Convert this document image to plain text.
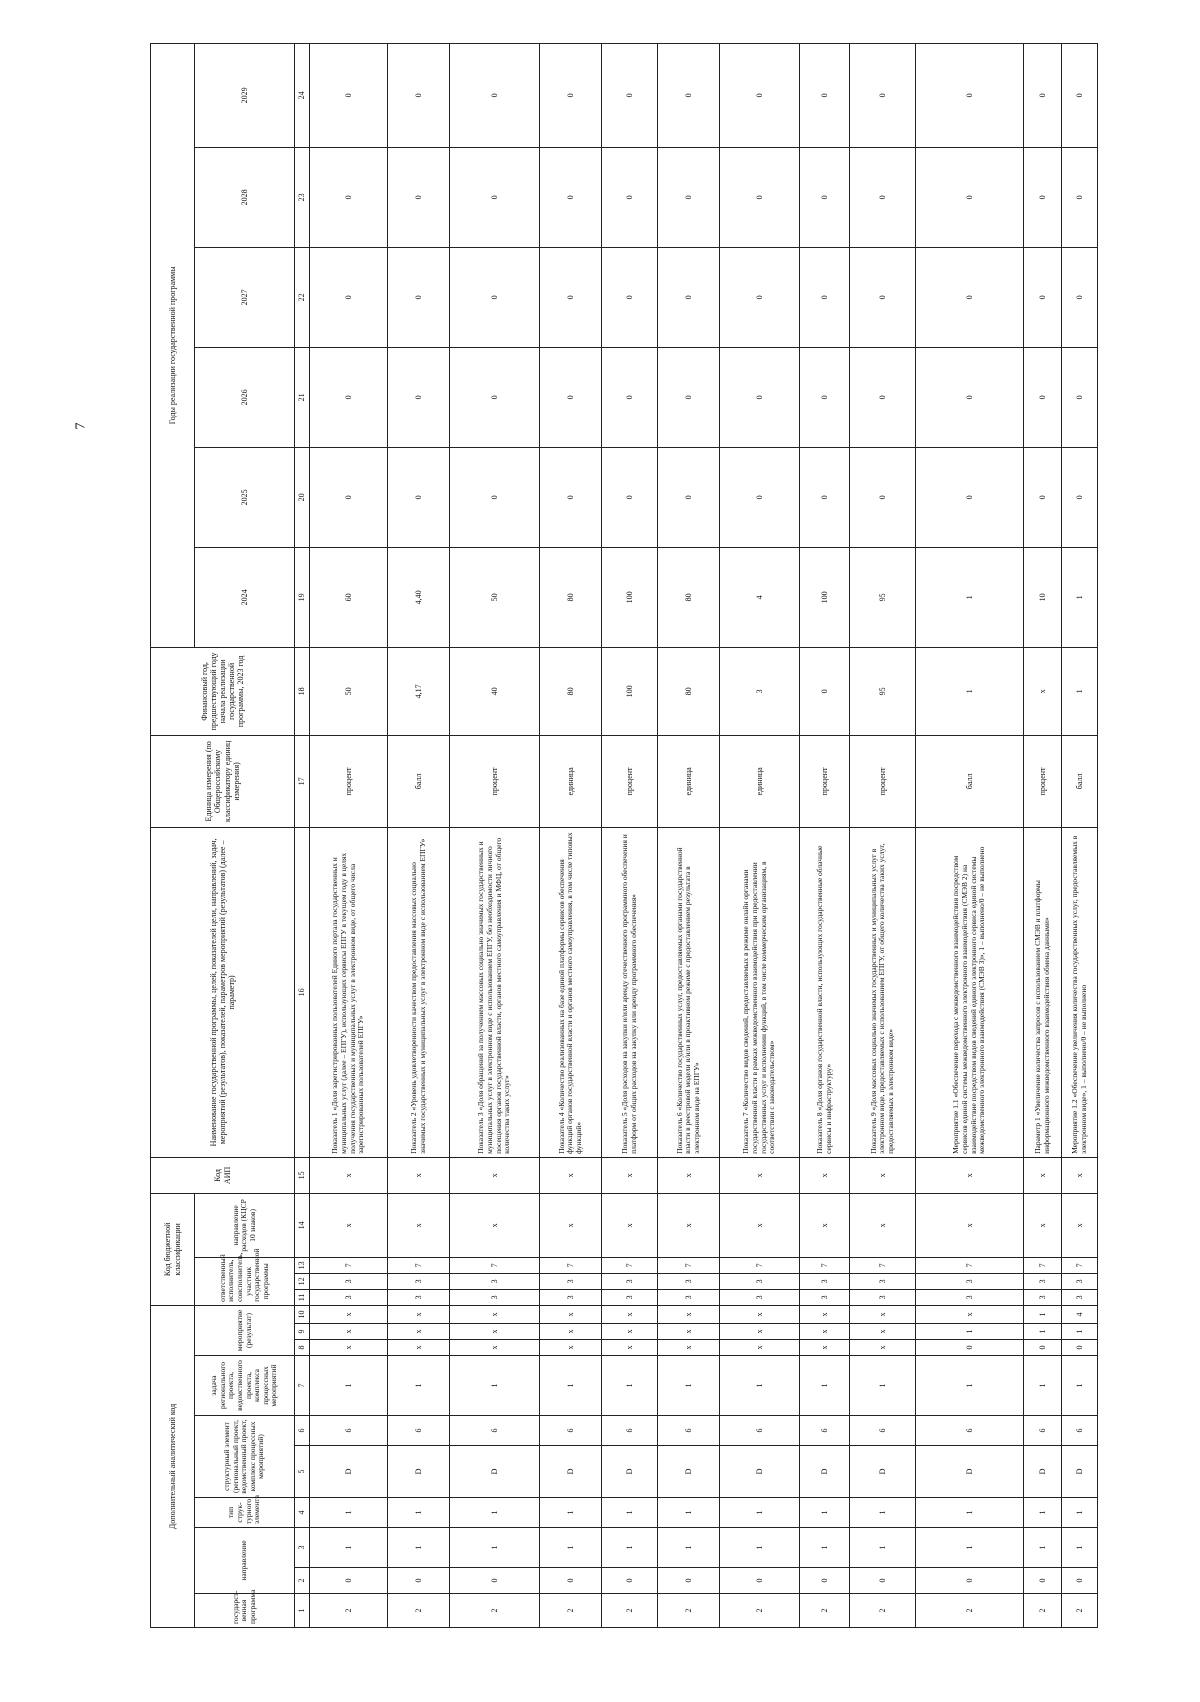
7
Дополнительный аналитический код										Код бюджетной классификации				Код АИП	Наименование государственной программы, целей, показателей цели, направлений, задач, мероприятий (результатов), показателей, параметров мероприятий (результатов) (далее – параметр)	Единица измерения (по Общероссийскому классификатору единиц измерения)	Финансовый год, предшествующий году начала реализации государственной программы, 2023 год	Годы реализации государственной программы					
государст-венная программа	направление		тип струк-турного элемента	структурный элемент (региональный проект, ведомственный проект, комплекс процессных мероприятий)		задача регионального проекта, ведомственного проекта, комплекса процессных мероприятий	мероприятие (результат)			ответственный исполнитель, соисполнитель, участник государственной программы			направление расходов (КЦСР 10 знаков)					2024	2025	2026	2027	2028	2029
1	2	3	4	5	6	7	8	9	10	11	12	13	14	15	16	17	18	19	20	21	22	23	24
2	0	1	1	D	6	1	x	x	x	3	3	7	x	x	Показатель 1 «Доля зарегистрированных пользователей Единого портала государственных и муниципальных услуг (далее – ЕПГУ), использующих сервисы ЕПГУ в текущем году в целях получения государственных и муниципальных услуг в электронном виде, от общего числа зарегистрированных пользователей ЕПГУ»	процент	50	60	0	0	0	0	0
2	0	1	1	D	6	1	x	x	x	3	3	7	x	x	Показатель 2 «Уровень удовлетворенности качеством предоставления массовых социально значимых государственных и муниципальных услуг в электронном виде с использованием ЕПГУ»	балл	4,17	4,40	0	0	0	0	0
2	0	1	1	D	6	1	x	x	x	3	3	7	x	x	Показатель 3 «Доля обращений за получением массовых социально значимых государственных и муниципальных услуг в электронном виде с использованием ЕПГУ, без необходимости личного посещения органов государственной власти, органов местного самоуправления и МФЦ, от общего количества таких услуг»	процент	40	50	0	0	0	0	0
2	0	1	1	D	6	1	x	x	x	3	3	7	x	x	Показатель 4 «Количество реализованных на базе единой платформы сервисов обеспечения функций органов государственной власти и органов местного самоуправления, в том числе типовых функций»	единица	80	80	0	0	0	0	0
2	0	1	1	D	6	1	x	x	x	3	3	7	x	x	Показатель 5 «Доля расходов на закупки и/или аренду отечественного программного обеспечения и платформ от общих расходов на закупку или аренду программного обеспечения»	процент	100	100	0	0	0	0	0
2	0	1	1	D	6	1	x	x	x	3	3	7	x	x	Показатель 6 «Количество государственных услуг, предоставляемых органами государственной власти в реестровой модели и/или в проактивном режиме с предоставлением результата в электронном виде на ЕПГУ»	единица	80	80	0	0	0	0	0
2	0	1	1	D	6	1	x	x	x	3	3	7	x	x	Показатель 7 «Количество видов сведений, предоставляемых в режиме онлайн органами государственной власти в рамках межведомственного взаимодействия при предоставлении государственных услуг и исполнении функций, в том числе коммерческим организациям, в соответствии с законодательством»	единица	3	4	0	0	0	0	0
2	0	1	1	D	6	1	x	x	x	3	3	7	x	x	Показатель 8 «Доля органов государственной власти, использующих государственные облачные сервисы и инфраструктуру»	процент	0	100	0	0	0	0	0
2	0	1	1	D	6	1	x	x	x	3	3	7	x	x	Показатель 9 «Доля массовых социально значимых государственных и муниципальных услуг в электронном виде, предоставляемых с использованием ЕПГУ, от общего количества таких услуг, предоставляемых в электронном виде»	процент	95	95	0	0	0	0	0
2	0	1	1	D	6	1	0	1	x	3	3	7	x	x	Мероприятие 1.1 «Обеспечение перехода с межведомственного взаимодействия посредством сервисов единой системы межведомственного электронного взаимодействия (СМЭВ 2) на взаимодействие посредством видов сведений единого электронного сервиса единой системы межведомственного электронного взаимодействия (СМЭВ 3)», 1 – выполнено/0 – не выполнено	балл	1	1	0	0	0	0	0
2	0	1	1	D	6	1	0	1	1	3	3	7	x	x	Параметр 1 «Увеличение количества запросов с использованием СМЭВ и платформы информационного межведомственного взаимодействия обмена данными»	процент	x	10	0	0	0	0	0
2	0	1	1	D	6	1	0	1	4	3	3	7	x	x	Мероприятие 1.2 «Обеспечение увеличения количества государственных услуг, предоставляемых в электронном виде», 1 – выполнено/0 – не выполнено	балл	1	1	0	0	0	0	0
